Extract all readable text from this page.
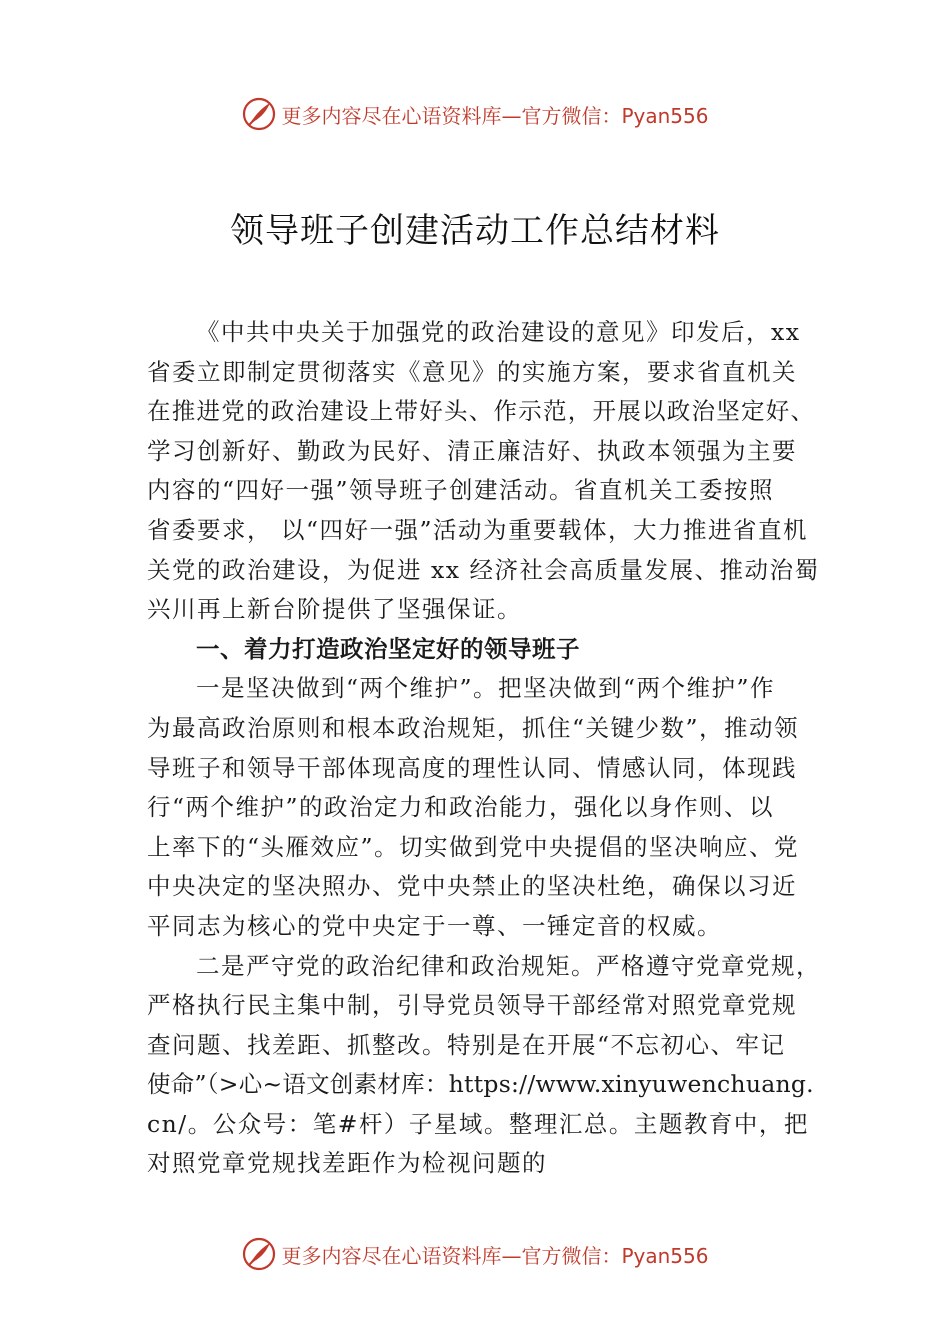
更多内容尽在心语资料库 —官方微信：Pyan556
领导班子创建活动工作总结材料
《中共中央关于加强党的政治建设的意见》印发后，xx
省委立即制定贯彻落实《意见》的实施方案，要求省直机关
在推进党的政治建设上带好头、作示范，开展以政治坚定好、
学习创新好、勤政为民好、清正廉洁好、执政本领强为主要
内容的“四好一强”领导班子创建活动。省直机关工委按照
省委要求， 以“四好一强”活动为重要载体，大力推进省直机
关党的政治建设，为促进 xx 经济社会高质量发展、推动治蜀
兴川再上新台阶提供了坚强保证。
一、着力打造政治坚定好的领导班子
一是坚决做到“两个维护”。把坚决做到“两个维护”作
为最高政治原则和根本政治规矩，抓住“关键少数”，推动领
导班子和领导干部体现高度的理性认同、情感认同，体现践
行“两个维护”的政治定力和政治能力，强化以身作则、以
上率下的“头雁效应”。切实做到党中央提倡的坚决响应、党
中央决定的坚决照办、党中央禁止的坚决杜绝，确保以习近
平同志为核心的党中央定于一尊、一锤定音的权威。
二是严守党的政治纪律和政治规矩。严格遵守党章党规，
严格执行民主集中制，引导党员领导干部经常对照党章党规
查问题、找差距、抓整改。特别是在开展“不忘初心、牢记
使命”（>心~语文创素材库：https://www.xinyuwenchuang.
cn/。公众号：笔#杆）子星域。整理汇总。主题教育中，把
对照党章党规找差距作为检视问题的
更多内容尽在心语资料库 —官方微信：Pyan556
